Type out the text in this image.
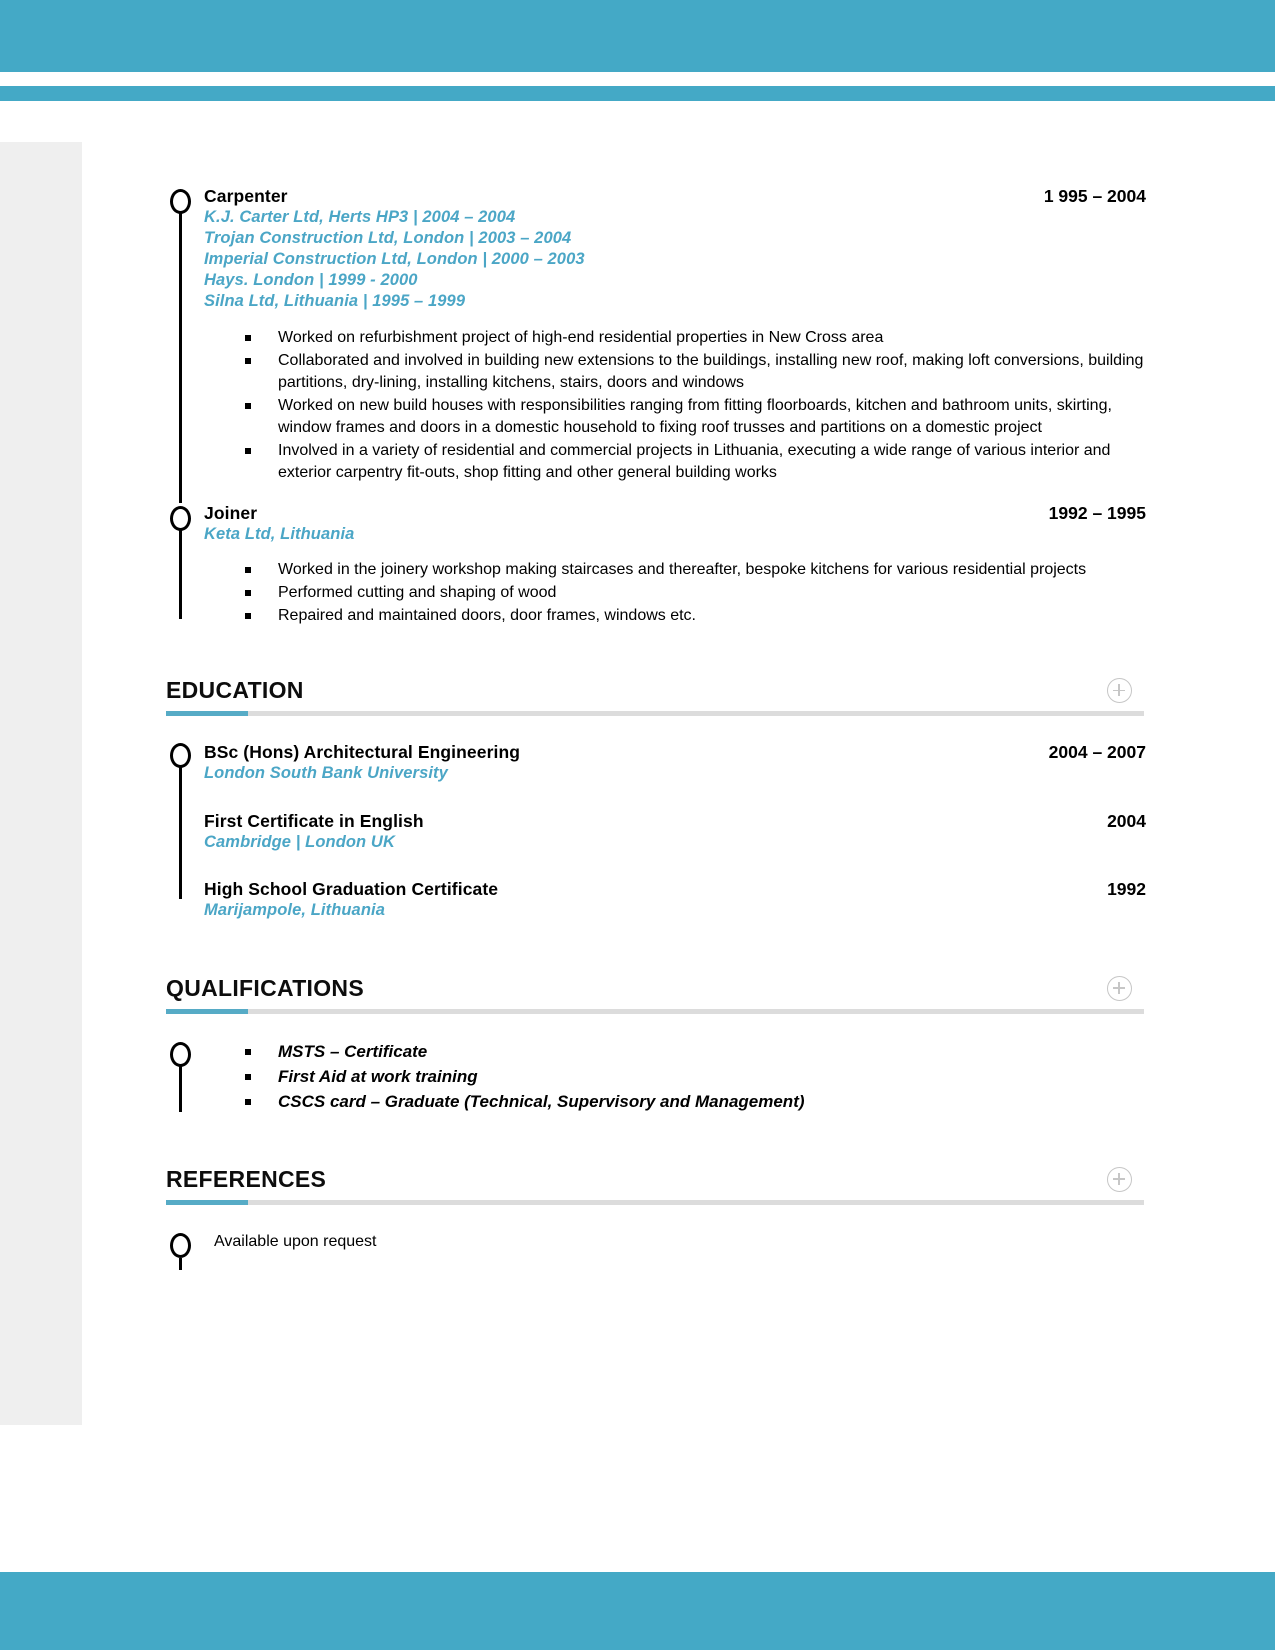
Carpenter	1 995 – 2004
K.J. Carter Ltd, Herts HP3 | 2004 – 2004
Trojan Construction Ltd, London | 2003 – 2004
Imperial Construction Ltd, London | 2000 – 2003
Hays. London | 1999 - 2000
Silna Ltd, Lithuania | 1995 – 1999
Worked on refurbishment project of high-end residential properties in New Cross area
Collaborated and involved in building new extensions to the buildings, installing new roof, making loft conversions, building partitions, dry-lining, installing kitchens, stairs, doors and windows
Worked on new build houses with responsibilities ranging from fitting floorboards, kitchen and bathroom units, skirting, window frames and doors in a domestic household to fixing roof trusses and partitions on a domestic project
Involved in a variety of residential and commercial projects in Lithuania, executing a wide range of various interior and exterior carpentry fit-outs, shop fitting and other general building works
Joiner	1992 – 1995
Keta Ltd, Lithuania
Worked in the joinery workshop making staircases and thereafter, bespoke kitchens for various residential projects
Performed cutting and shaping of wood
Repaired and maintained doors, door frames, windows etc.
EDUCATION
BSc (Hons) Architectural Engineering	2004 – 2007
London South Bank University
First Certificate in English	2004
Cambridge | London UK
High School Graduation Certificate	1992
Marijampole, Lithuania
QUALIFICATIONS
MSTS – Certificate
First Aid at work training
CSCS card – Graduate (Technical, Supervisory and Management)
REFERENCES
Available upon request
